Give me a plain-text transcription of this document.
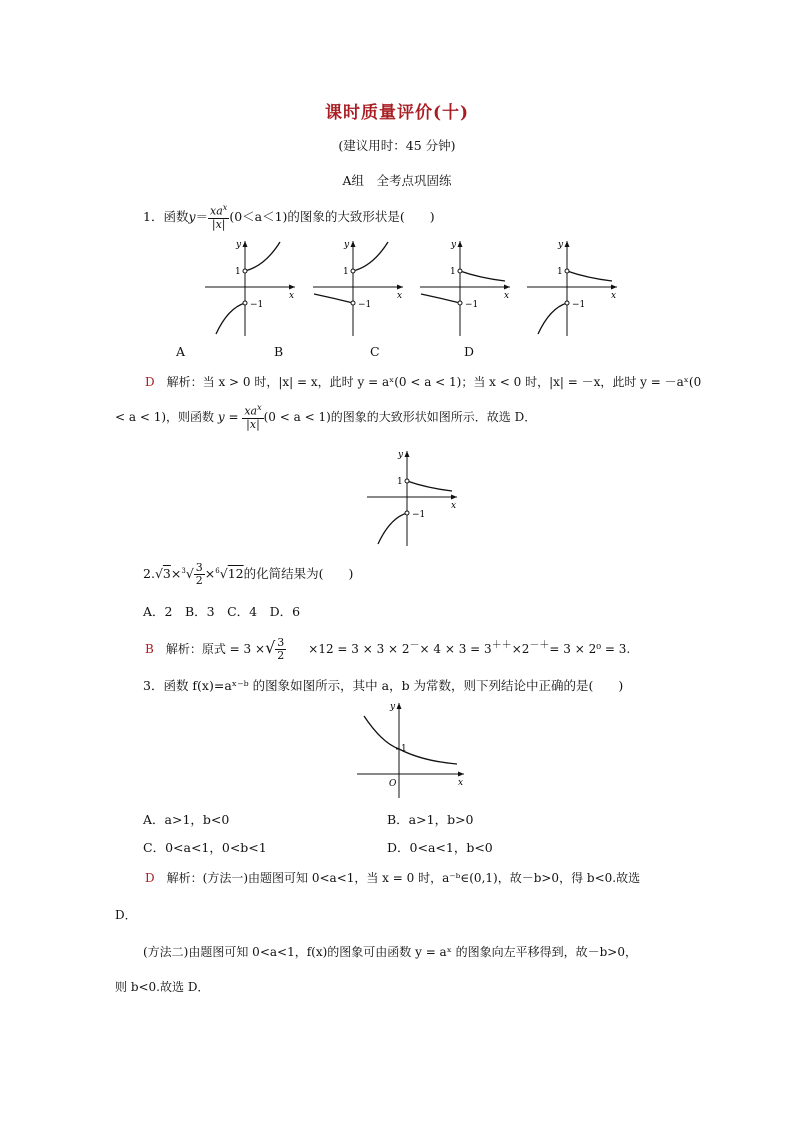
课时质量评价(十)
(建议用时：45 分钟)
A组　全考点巩固练
1．函数$y= \frac{xa^x}{|x|} (0<a<1)$的图象的大致形状是(　　)
1
−1
x
y
1
−1
x
y
1
−1
x
y
1
−1
x
y
A	B	C	D
D　 解析：当 x > 0 时，|x| = x，此时 y = aˣ(0 < a < 1)；当 x < 0 时，|x| = －x，此时 y = －aˣ(0
< a < 1)，则函数 $y = \frac{xa^x}{|x|} (0 < a < 1)$的图象的大致形状如图所示．故选 D．
1
−1
x
y
$2.√3\times^3√ \frac{3}{2} \times^6√12$的化简结果为(　　)
A．2　B．3　C．4　D．6
B　 解析：原式 = 3 ×√ $\frac{3}{2} \times 12 = 3 \times 3 \times 2^-\times 4 \times 3 = 3^{++}\times 2^{-+}= 3 \times 2^0 = 3$.
3．函数 f(x)=aˣ⁻ᵇ 的图象如图所示，其中 a，b 为常数，则下列结论中正确的是(　　)
1
O	x
y
A．a>1，b<0	B．a>1，b>0
C．0<a<1，0<b<1	D．0<a<1，b<0
D　 解析：(方法一)由题图可知 0<a<1，当 x = 0 时，a⁻ᵇ∈(0,1)，故－b>0，得 b<0.故选
D．
(方法二)由题图可知 0<a<1，f(x)的图象可由函数 y = aˣ 的图象向左平移得到，故－b>0，
则 b<0.故选 D．
